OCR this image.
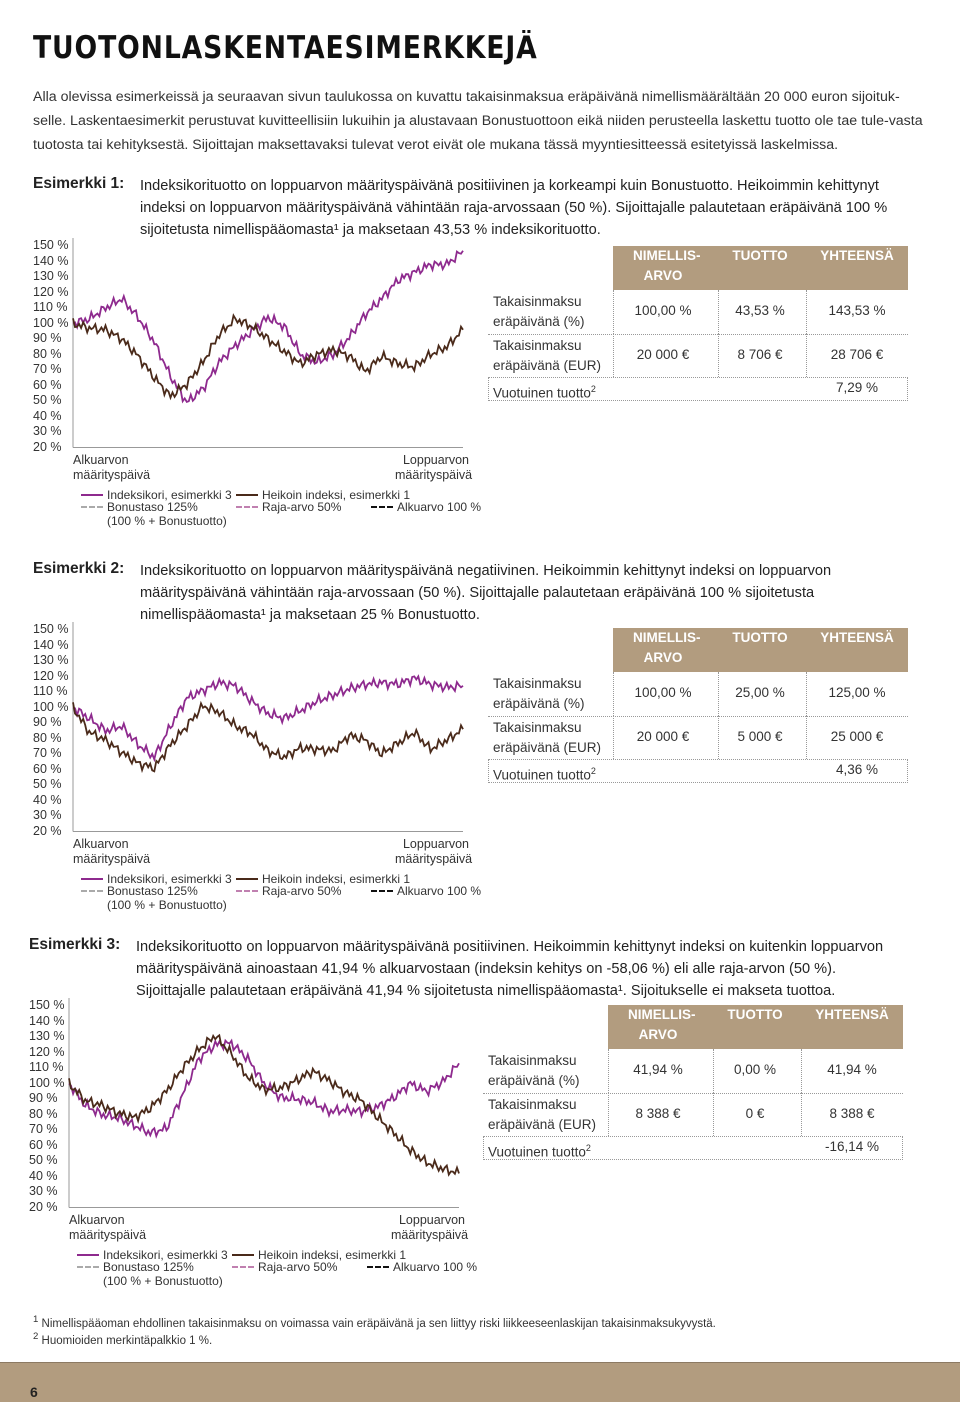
TUOTONLASKENTAESIMERKKEJÄ
Alla olevissa esimerkeissä ja seuraavan sivun taulukossa on kuvattu takaisinmaksua eräpäivänä nimellismäärältään 20 000 euron sijoituk-selle. Laskentaesimerkit perustuvat kuvitteellisiin lukuihin ja alustavaan Bonustuottoon eikä niiden perusteella laskettu tuotto ole tae tule-vasta tuotosta tai kehityksestä. Sijoittajan maksettavaksi tulevat verot eivät ole mukana tässä myyntiesitteessä esitetyissä laskelmissa.
Esimerkki 1: Indeksikorituotto on loppuarvon määrityspäivänä positiivinen ja korkeampi kuin Bonustuotto. Heikoimmin kehittynyt indeksi on loppuarvon määrityspäivänä vähintään raja-arvossaan (50 %). Sijoittajalle palautetaan eräpäivänä 100 % sijoitetusta nimellispääomasta¹ ja maksetaan 43,53 % indeksikorituotto.
150 %
140 %
130 %
120 %
110 %
100 %
90 %
80 %
70 %
60 %
50 %
40 %
30 %
20 %
Alkuarvon
määrityspäivä
Loppuarvon
määrityspäivä
Indeksikori, esimerkki 3
Bonustaso 125%
(100 % + Bonustuotto)
Heikoin indeksi, esimerkki 1
Raja-arvo 50%	Alkuarvo 100 %
NIMELLIS-ARVO
TUOTTO	YHTEENSÄ
Takaisinmaksu
eräpäivänä (%)
100,00 %	43,53 %	143,53 %
Takaisinmaksu
eräpäivänä (EUR)
20 000 €	8 706 €	28 706 €
Vuotuinen tuotto$^2$	7,29 %
Esimerkki 2: Indeksikorituotto on loppuarvon määrityspäivänä negatiivinen. Heikoimmin kehittynyt indeksi on loppuarvon määrityspäivänä vähintään raja-arvossaan (50 %). Sijoittajalle palautetaan eräpäivänä 100 % sijoitetusta nimellispääomasta¹ ja maksetaan 25 % Bonustuotto.
150 %
140 %
130 %
120 %
110 %
100 %
90 %
80 %
70 %
60 %
50 %
40 %
30 %
20 %
Alkuarvon
määrityspäivä
Loppuarvon
määrityspäivä
Indeksikori, esimerkki 3
Bonustaso 125%
(100 % + Bonustuotto)
Heikoin indeksi, esimerkki 1
Raja-arvo 50%	Alkuarvo 100 %
NIMELLIS-ARVO
TUOTTO	YHTEENSÄ
Takaisinmaksu
eräpäivänä (%)
100,00 %	25,00 %	125,00 %
Takaisinmaksu
eräpäivänä (EUR)
20 000 €	5 000 €	25 000 €
Vuotuinen tuotto$^2$	4,36 %
Esimerkki 3: Indeksikorituotto on loppuarvon määrityspäivänä positiivinen. Heikoimmin kehittynyt indeksi on kuitenkin loppuarvon määrityspäivänä ainoastaan 41,94 % alkuarvostaan (indeksin kehitys on -58,06 %) eli alle raja-arvon (50 %). Sijoittajalle palautetaan eräpäivänä 41,94 % sijoitetusta nimellispääomasta¹. Sijoitukselle ei makseta tuottoa.
150 %
140 %
130 %
120 %
110 %
100 %
90 %
80 %
70 %
60 %
50 %
40 %
30 %
20 %
Alkuarvon
määrityspäivä
Loppuarvon
määrityspäivä
Indeksikori, esimerkki 3
Bonustaso 125%
(100 % + Bonustuotto)
Heikoin indeksi, esimerkki 1
Raja-arvo 50%	Alkuarvo 100 %
NIMELLIS-ARVO
TUOTTO	YHTEENSÄ
Takaisinmaksu
eräpäivänä (%)
41,94 %	0,00 %	41,94 %
Takaisinmaksu
eräpäivänä (EUR)
8 388 €	0 €	8 388 €
Vuotuinen tuotto$^2$	-16,14 %
$^1$ Nimellispääoman ehdollinen takaisinmaksu on voimassa vain eräpäivänä ja sen liittyy riski liikkeeseenlaskijan takaisinmaksukyvystä.
$^2$ Huomioiden merkintäpalkkio 1 %.
6
